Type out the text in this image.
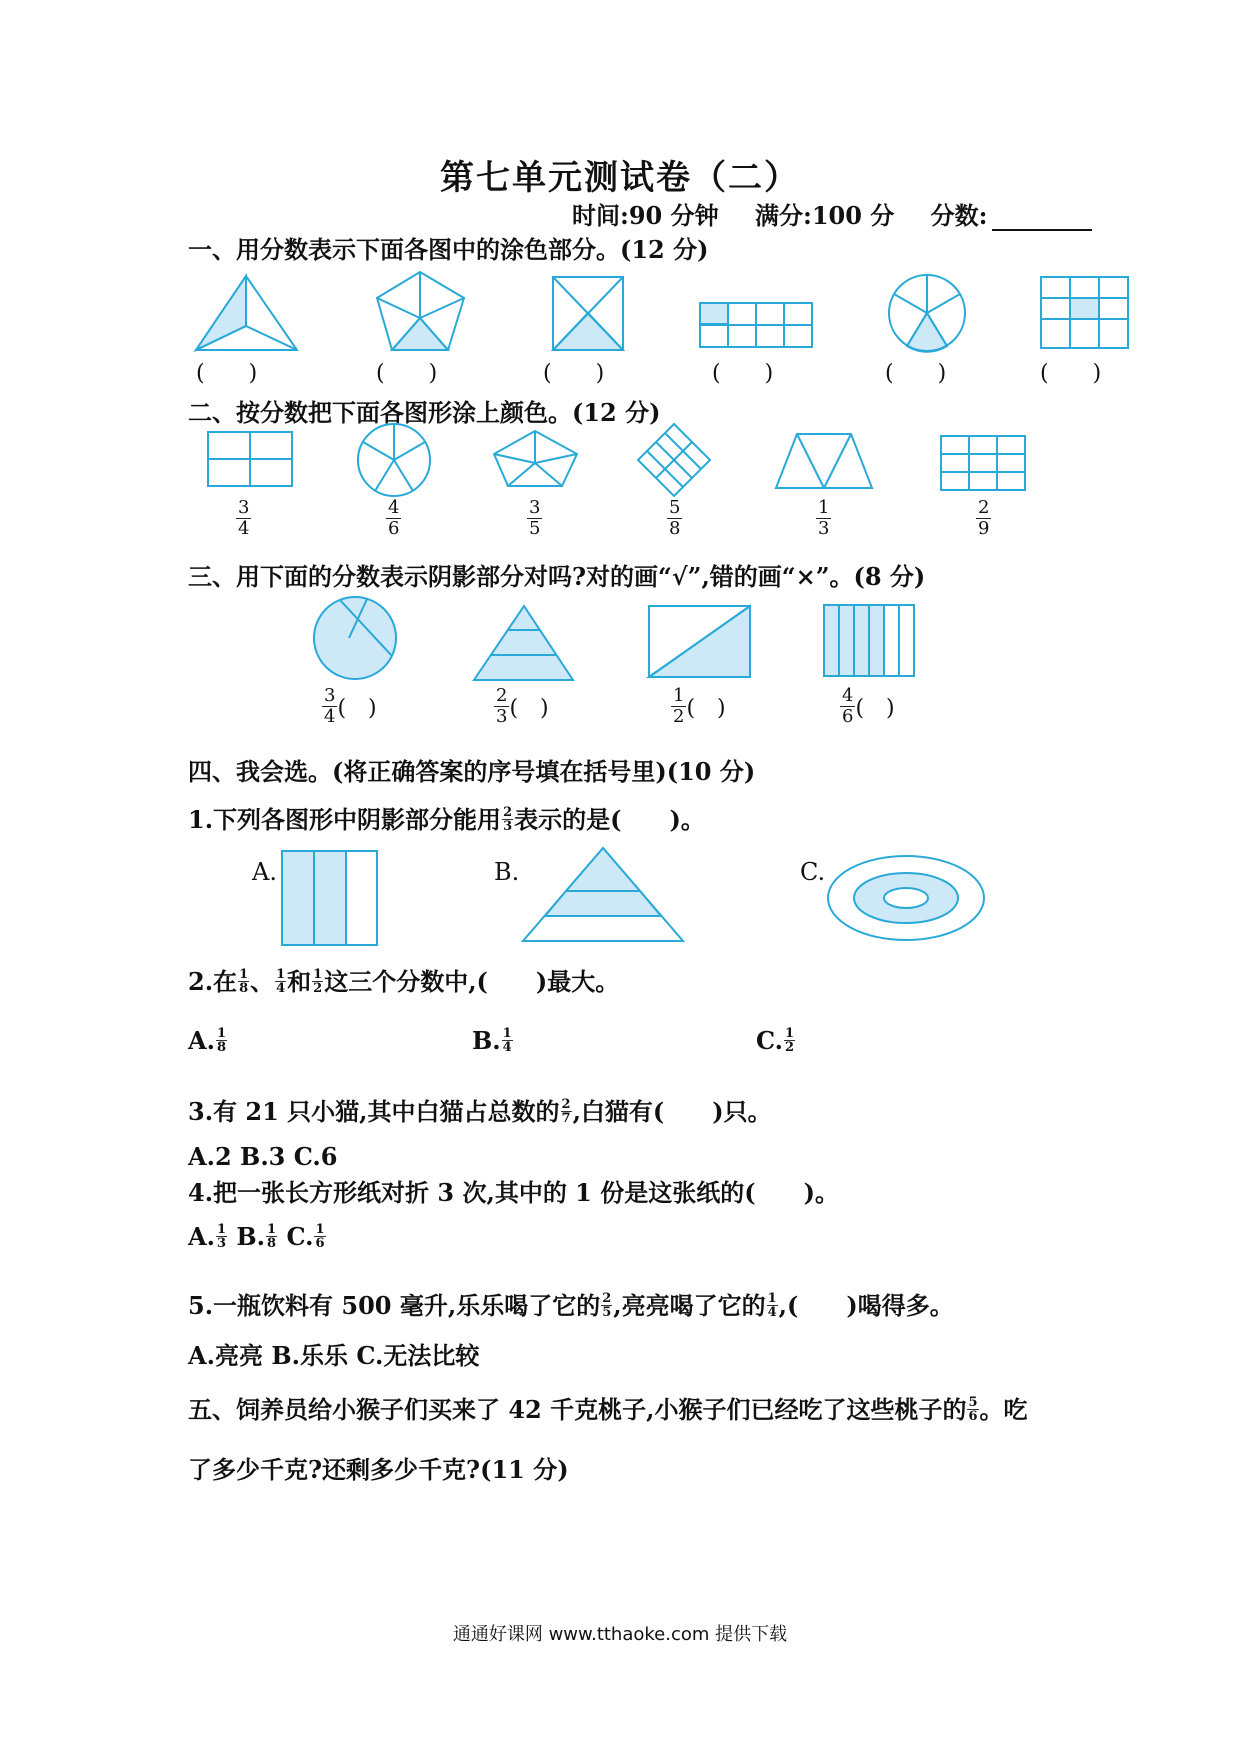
第七单元测试卷（二）
时间:90 分钟 满分:100 分 分数:
一、用分数表示下面各图中的涂色部分。(12 分)
(　　)	(　　)	(　　)	(　　)	(　　)	(　　)
二、按分数把下面各图形涂上颜色。(12 分)
$\frac{3}{4}$	$\frac{4}{6}$	$\frac{3}{5}$	$\frac{5}{8}$	$\frac{1}{3}$	$\frac{2}{9}$
三、用下面的分数表示阴影部分对吗?对的画“√”,错的画“×”。(8 分)
$\frac{3}{4}$ (　)	$\frac{2}{3}$ (　)	$\frac{1}{2}$ (　)	$\frac{4}{6}$ (　)
四、我会选。(将正确答案的序号填在括号里)(10 分)
1.下列各图形中阴影部分能用 $\frac{2}{3}$ 表示的是(　　)。
A.	B.	C.
2.在 $\frac{1}{8}$ 、 $\frac{1}{4}$ 和 $\frac{1}{2}$ 这三个分数中,(　　)最大。
A. $\frac{1}{8}$	B. $\frac{1}{4}$	C. $\frac{1}{2}$
3.有 21 只小猫,其中白猫占总数的 $\frac{2}{7}$ ,白猫有(　　)只。
A.2 B.3 C.6
4.把一张长方形纸对折 3 次,其中的 1 份是这张纸的(　　)。
A. $\frac{1}{3} B$. $\frac{1}{8} C$. $\frac{1}{6}$
5.一瓶饮料有 500 毫升,乐乐喝了它的 $\frac{2}{5}$ ,亮亮喝了它的 $\frac{1}{4}$ ,(　　)喝得多。
A.亮亮 B.乐乐 C.无法比较
五、饲养员给小猴子们买来了 42 千克桃子,小猴子们已经吃了这些桃子的 $\frac{5}{6}$ 。吃
了多少千克?还剩多少千克?(11 分)
通通好课网 www.tthaoke.com 提供下载
